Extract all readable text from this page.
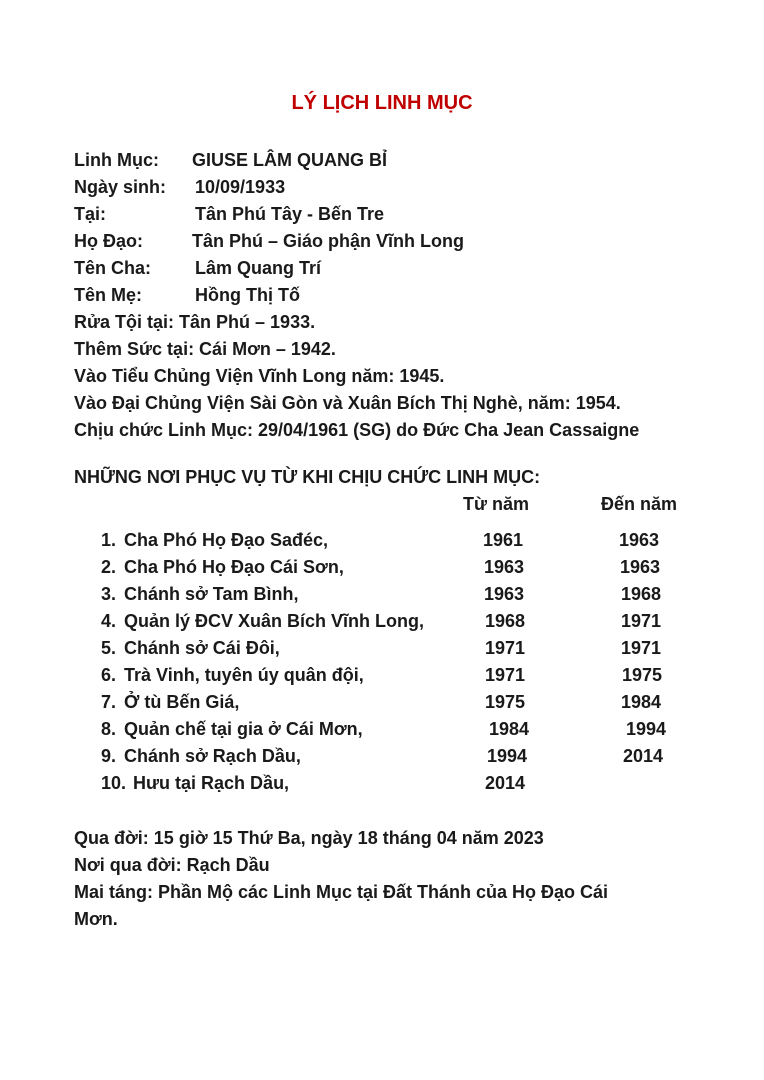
LÝ LỊCH LINH MỤC
Linh Mục: GIUSE LÂM QUANG BỈ
Ngày sinh: 10/09/1933
Tại:	Tân Phú Tây - Bến Tre
Họ Đạo:	Tân Phú – Giáo phận Vĩnh Long
Tên Cha: Lâm Quang Trí
Tên Mẹ:	Hồng Thị Tố
Rửa Tội tại: Tân Phú – 1933.
Thêm Sức tại: Cái Mơn – 1942.
Vào Tiểu Chủng Viện Vĩnh Long năm: 1945.
Vào Đại Chủng Viện Sài Gòn và Xuân Bích Thị Nghè, năm: 1954.
Chịu chức Linh Mục: 29/04/1961 (SG) do Đức Cha Jean Cassaigne
NHỮNG NƠI PHỤC VỤ TỪ KHI CHỊU CHỨC LINH MỤC:
Từ năm	Đến năm
1. Cha Phó Họ Đạo Sađéc,	1961	1963
2. Cha Phó Họ Đạo Cái Sơn,	1963	1963
3. Chánh sở Tam Bình,	1963	1968
4. Quản lý ĐCV Xuân Bích Vĩnh Long,	1968	1971
5. Chánh sở Cái Đôi,	1971	1971
6. Trà Vinh, tuyên úy quân đội,	1971	1975
7. Ở tù Bến Giá,	1975	1984
8. Quản chế tại gia ở Cái Mơn,	1984	1994
9. Chánh sở Rạch Dầu,	1994	2014
10. Hưu tại Rạch Dầu,	2014
Qua đời: 15 giờ 15 Thứ Ba, ngày 18 tháng 04 năm 2023
Nơi qua đời: Rạch Dầu
Mai táng: Phần Mộ các Linh Mục tại Đất Thánh của Họ Đạo Cái
Mơn.
